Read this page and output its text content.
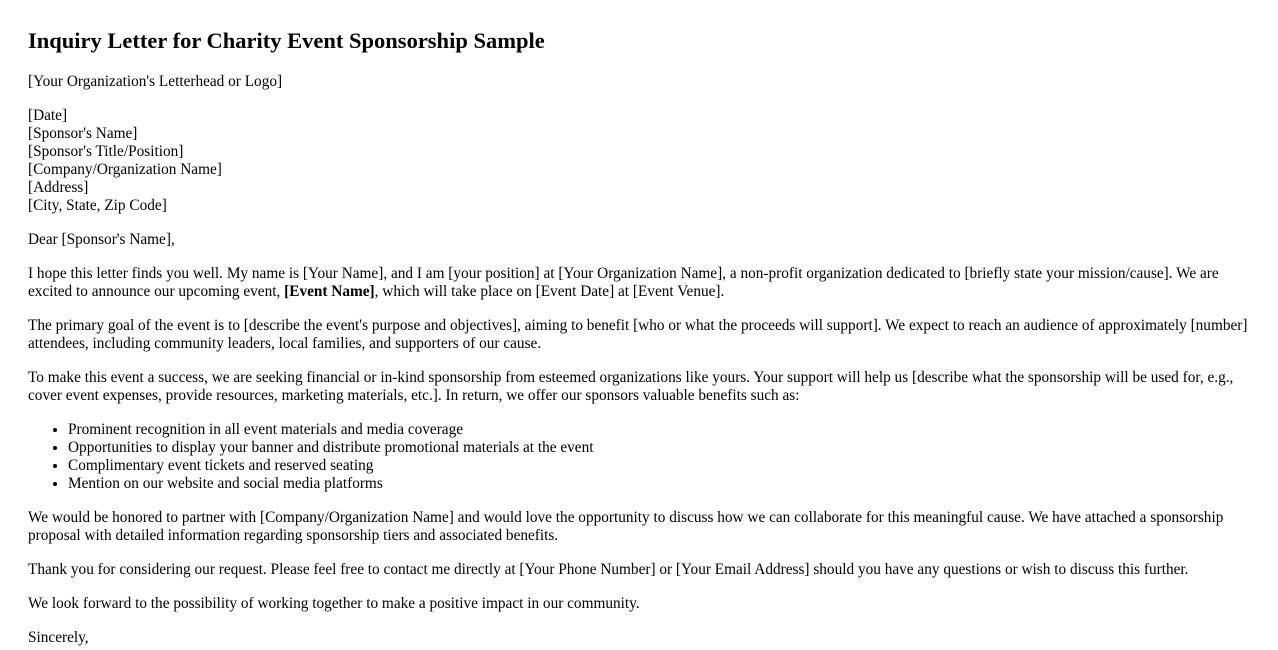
Inquiry Letter for Charity Event Sponsorship Sample

[Your Organization's Letterhead or Logo]

[Date]
[Sponsor's Name]
[Sponsor's Title/Position]
[Company/Organization Name]
[Address]
[City, State, Zip Code]

Dear [Sponsor's Name],

I hope this letter finds you well. My name is [Your Name], and I am [your position] at [Your Organization Name], a non-profit organization dedicated to [briefly state your mission/cause]. We are excited to announce our upcoming event, [Event Name], which will take place on [Event Date] at [Event Venue].

The primary goal of the event is to [describe the event's purpose and objectives], aiming to benefit [who or what the proceeds will support]. We expect to reach an audience of approximately [number] attendees, including community leaders, local families, and supporters of our cause.

To make this event a success, we are seeking financial or in-kind sponsorship from esteemed organizations like yours. Your support will help us [describe what the sponsorship will be used for, e.g., cover event expenses, provide resources, marketing materials, etc.]. In return, we offer our sponsors valuable benefits such as:

• Prominent recognition in all event materials and media coverage
• Opportunities to display your banner and distribute promotional materials at the event
• Complimentary event tickets and reserved seating
• Mention on our website and social media platforms

We would be honored to partner with [Company/Organization Name] and would love the opportunity to discuss how we can collaborate for this meaningful cause. We have attached a sponsorship proposal with detailed information regarding sponsorship tiers and associated benefits.

Thank you for considering our request. Please feel free to contact me directly at [Your Phone Number] or [Your Email Address] should you have any questions or wish to discuss this further.

We look forward to the possibility of working together to make a positive impact in our community.

Sincerely,
